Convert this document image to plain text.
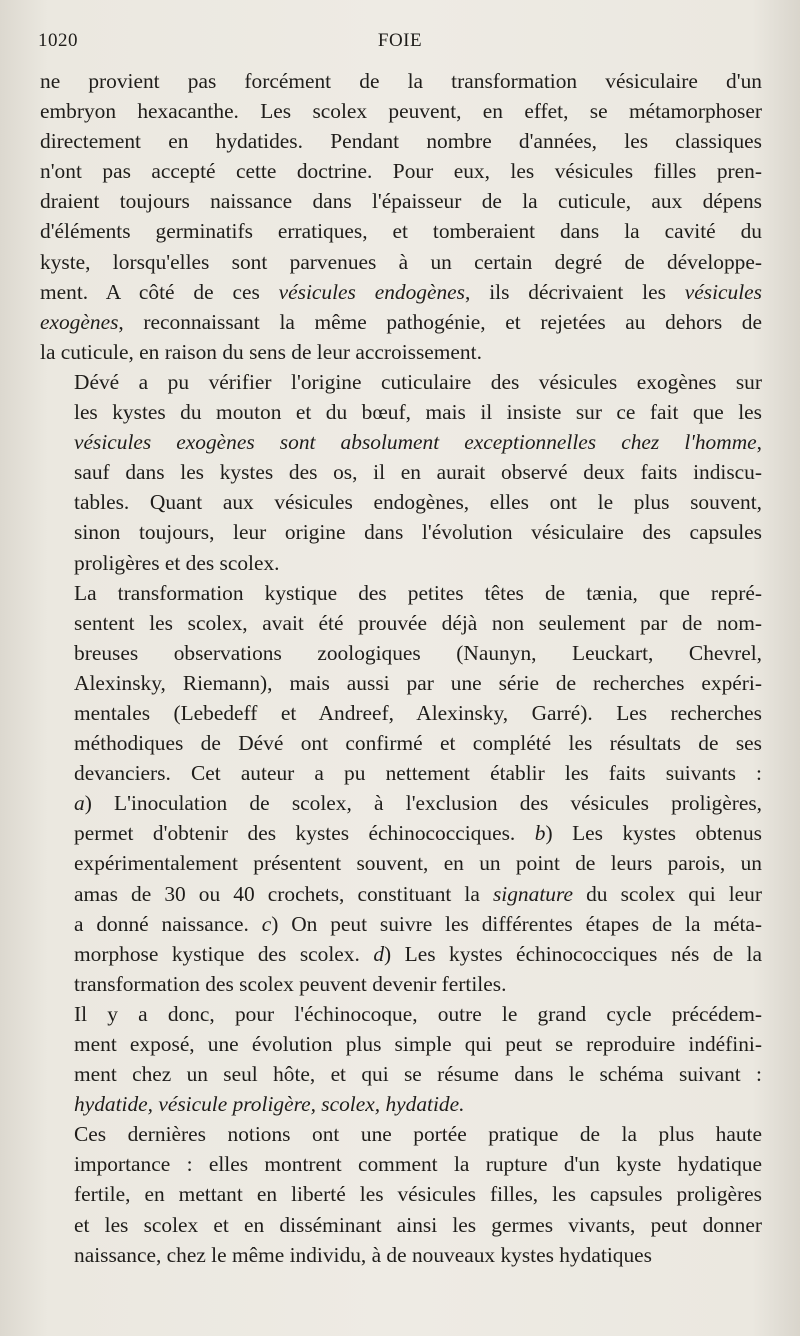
1020	FOIE

ne provient pas forcément de la transformation vésiculaire d'un
embryon hexacanthe. Les scolex peuvent, en effet, se métamorphoser
directement en hydatides. Pendant nombre d'années, les classiques
n'ont pas accepté cette doctrine. Pour eux, les vésicules filles pren-
draient toujours naissance dans l'épaisseur de la cuticule, aux dépens
d'éléments germinatifs erratiques, et tomberaient dans la cavité du
kyste, lorsqu'elles sont parvenues à un certain degré de développe-
ment. A côté de ces vésicules endogènes, ils décrivaient les vésicules
exogènes, reconnaissant la même pathogénie, et rejetées au dehors de
la cuticule, en raison du sens de leur accroissement.

Dévé a pu vérifier l'origine cuticulaire des vésicules exogènes sur
les kystes du mouton et du bœuf, mais il insiste sur ce fait que les
vésicules exogènes sont absolument exceptionnelles chez l'homme,
sauf dans les kystes des os, il en aurait observé deux faits indiscu-
tables. Quant aux vésicules endogènes, elles ont le plus souvent,
sinon toujours, leur origine dans l'évolution vésiculaire des capsules
proligères et des scolex.

La transformation kystique des petites têtes de tænia, que repré-
sentent les scolex, avait été prouvée déjà non seulement par de nom-
breuses observations zoologiques (Naunyn, Leuckart, Chevrel,
Alexinsky, Riemann), mais aussi par une série de recherches expéri-
mentales (Lebedeff et Andreef, Alexinsky, Garré). Les recherches
méthodiques de Dévé ont confirmé et complété les résultats de ses
devanciers. Cet auteur a pu nettement établir les faits suivants :
a) L'inoculation de scolex, à l'exclusion des vésicules proligères,
permet d'obtenir des kystes échinococciques. b) Les kystes obtenus
expérimentalement présentent souvent, en un point de leurs parois, un
amas de 30 ou 40 crochets, constituant la signature du scolex qui leur
a donné naissance. c) On peut suivre les différentes étapes de la méta-
morphose kystique des scolex. d) Les kystes échinococciques nés de la
transformation des scolex peuvent devenir fertiles.

Il y a donc, pour l'échinocoque, outre le grand cycle précédem-
ment exposé, une évolution plus simple qui peut se reproduire indéfini-
ment chez un seul hôte, et qui se résume dans le schéma suivant :
hydatide, vésicule proligère, scolex, hydatide.

Ces dernières notions ont une portée pratique de la plus haute
importance : elles montrent comment la rupture d'un kyste hydatique
fertile, en mettant en liberté les vésicules filles, les capsules proligères
et les scolex et en disséminant ainsi les germes vivants, peut donner
naissance, chez le même individu, à de nouveaux kystes hydatiques
